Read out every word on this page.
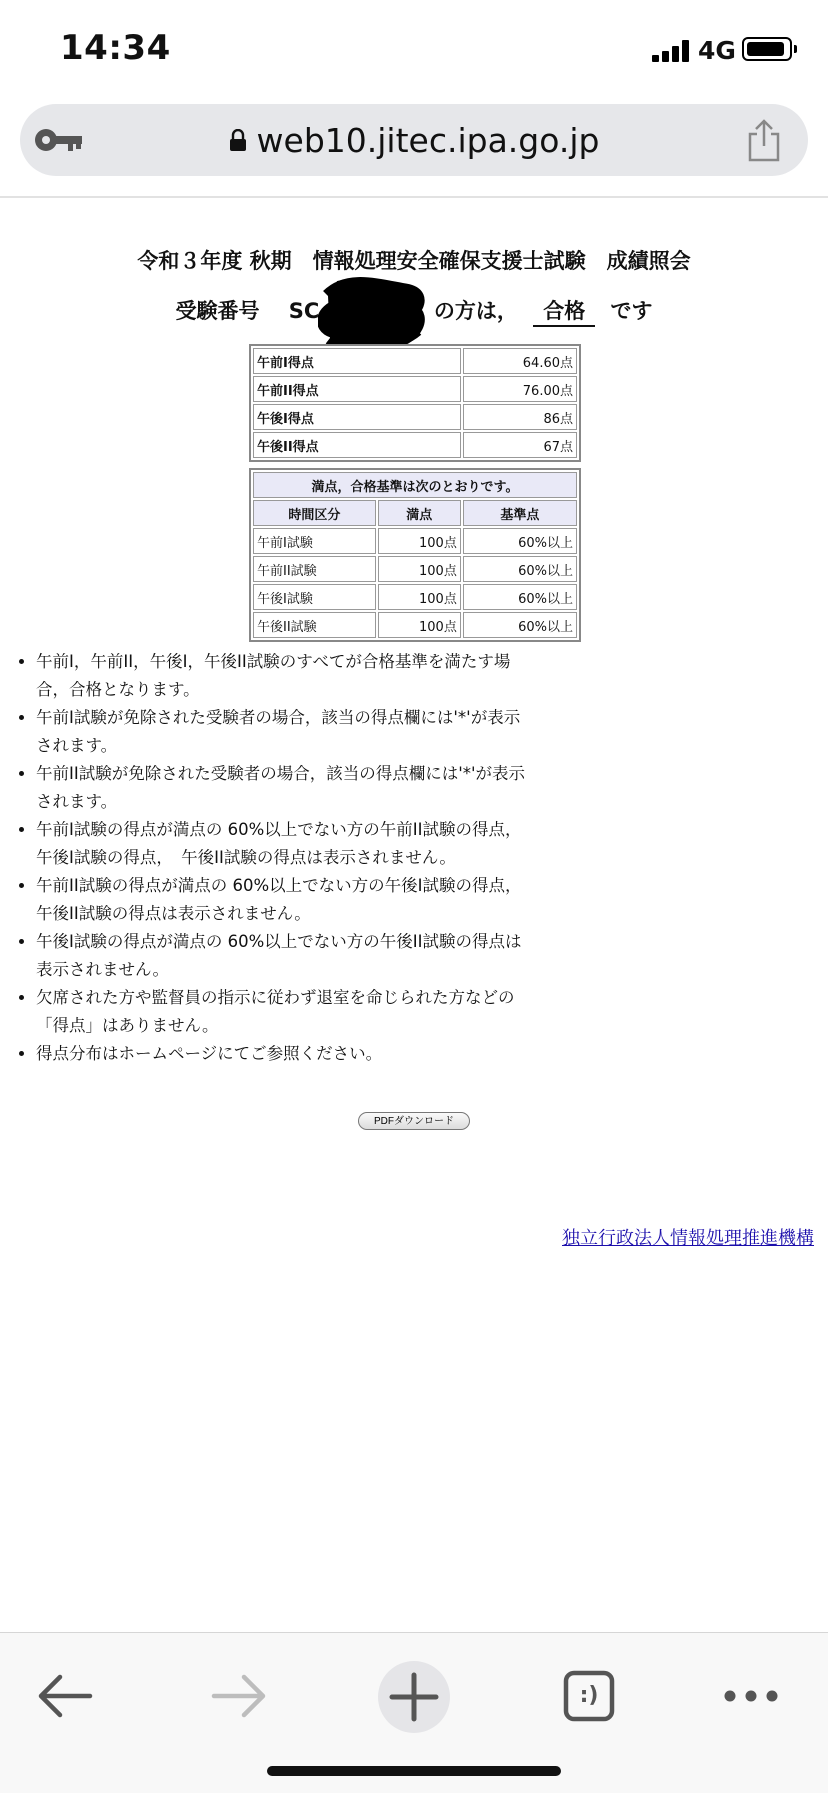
14:34	4G
web10.jitec.ipa.go.jp
令和３年度 秋期　情報処理安全確保支援士試験　成績照会
受験番号 SC	の方は， 合格 です
午前I得点	64.60点
午前II得点	76.00点
午後I得点	86点
午後II得点	67点
満点，合格基準は次のとおりです。		
時間区分	満点	基準点
午前I試験	100点	60%以上
午前II試験	100点	60%以上
午後I試験	100点	60%以上
午後II試験	100点	60%以上
• 午前I，午前II，午後I，午後II試験のすべてが合格基準を満たす場合，合格となります。
• 午前I試験が免除された受験者の場合，該当の得点欄には'*'が表示されます。
• 午前II試験が免除された受験者の場合，該当の得点欄には'*'が表示されます。
• 午前I試験の得点が満点の 60%以上でない方の午前II試験の得点，午後I試験の得点，　午後II試験の得点は表示されません。
• 午前II試験の得点が満点の 60%以上でない方の午後I試験の得点，午後II試験の得点は表示されません。
• 午後I試験の得点が満点の 60%以上でない方の午後II試験の得点は表示されません。
• 欠席された方や監督員の指示に従わず退室を命じられた方などの「得点」はありません。
• 得点分布はホームページにてご参照ください。
PDFダウンロード
独立行政法人情報処理推進機構
:)
